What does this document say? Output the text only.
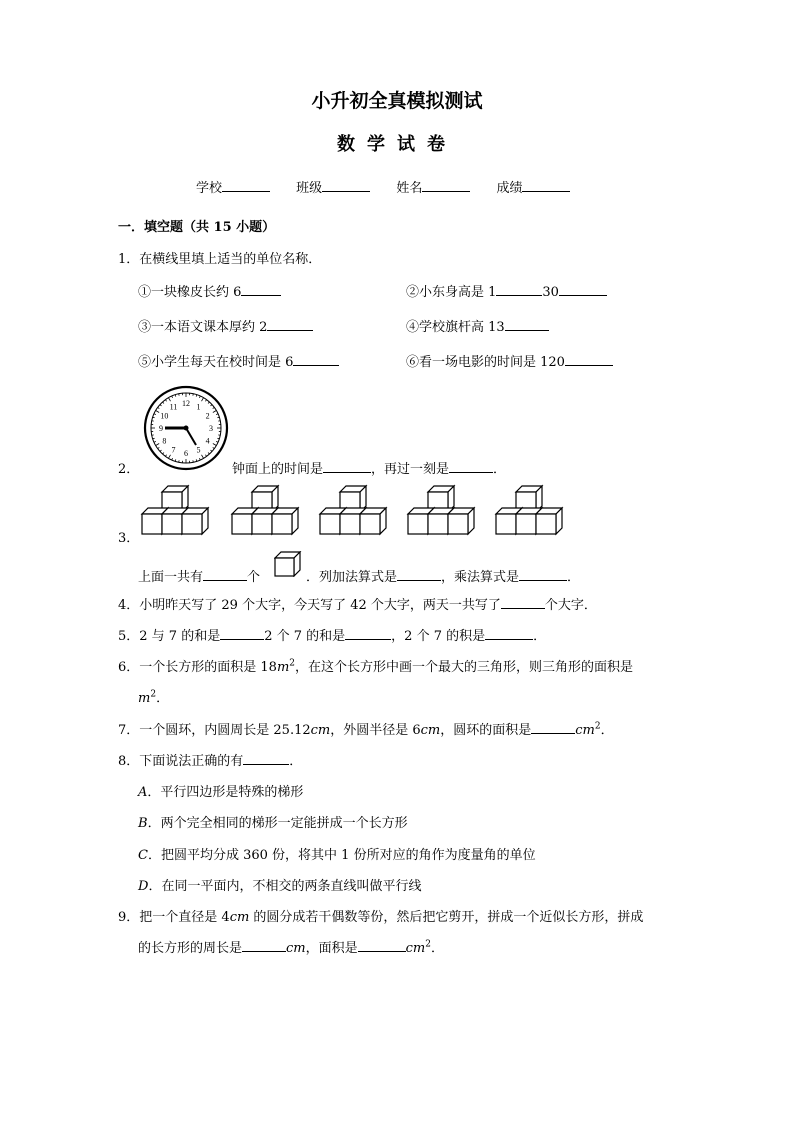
小升初全真模拟测试
数学试卷
学校	班级	姓名	成绩
一．填空题（共 15 小题）
1．在横线里填上适当的单位名称．
①一块橡皮长约 6	②小东身高是 1	30
③一本语文课本厚约 2	④学校旗杆高 13
⑤小学生每天在校时间是 6	⑥看一场电影的时间是 120
12 1
2
3
4
5
6
7
8
9
10
11
2．	钟面上的时间是	，再过一刻是	．
3．
上面一共有	个	．列加法算式是	，乘法算式是	．
4．小明昨天写了 29 个大字，今天写了 42 个大字，两天一共写了	个大字．
5．2 与 7 的和是	2 个 7 的和是	，2 个 7 的积是	．
6．一个长方形的面积是 $18m^2$，在这个长方形中画一个最大的三角形，则三角形的面积是
$m^2$．
7．一个圆环，内圆周长是 25.12cm，外圆半径是 6cm，圆环的面积是	$cm^2$．
8．下面说法正确的有	．
A．平行四边形是特殊的梯形
B．两个完全相同的梯形一定能拼成一个长方形
C．把圆平均分成 360 份，将其中 1 份所对应的角作为度量角的单位
D．在同一平面内，不相交的两条直线叫做平行线
9．把一个直径是 4cm 的圆分成若干偶数等份，然后把它剪开，拼成一个近似长方形，拼成
的长方形的周长是	cm，面积是	$cm^2$．
